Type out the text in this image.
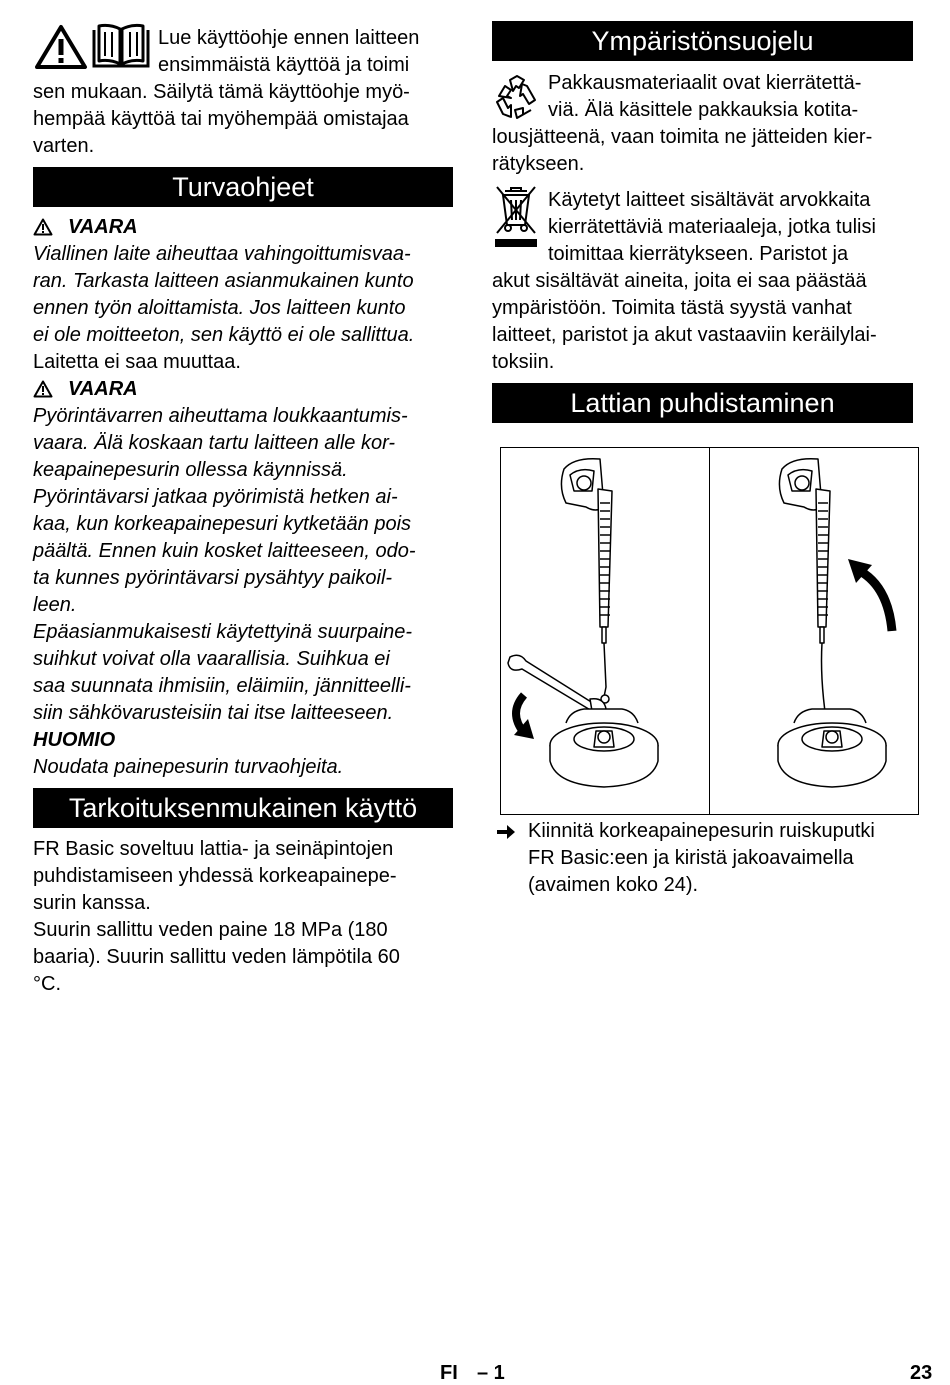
Lue käyttöohje ennen laitteen

ensimmäistä käyttöä ja toimi

sen mukaan. Säilytä tämä käyttöohje myö-

hempää käyttöä tai myöhempää omistajaa

varten.

Turvaohjeet

VAARA

Viallinen laite aiheuttaa vahingoittumisvaa-

ran. Tarkasta laitteen asianmukainen kunto

ennen työn aloittamista. Jos laitteen kunto

ei ole moitteeton, sen käyttö ei ole sallittua.

Laitetta ei saa muuttaa.

VAARA

Pyörintävarren aiheuttama loukkaantumis-

vaara. Älä koskaan tartu laitteen alle kor-

keapainepesurin ollessa käynnissä.

Pyörintävarsi jatkaa pyörimistä hetken ai-

kaa, kun korkeapainepesuri kytketään pois

päältä. Ennen kuin kosket laitteeseen, odo-

ta kunnes pyörintävarsi pysähtyy paikoil-

leen.

Epäasianmukaisesti käytettyinä suurpaine-

suihkut voivat olla vaarallisia. Suihkua ei

saa suunnata ihmisiin, eläimiin, jännitteelli-

siin sähkövarusteisiin tai itse laitteeseen.

HUOMIO

Noudata painepesurin turvaohjeita.

Tarkoituksenmukainen käyttö

FR Basic soveltuu lattia- ja seinäpintojen

puhdistamiseen yhdessä korkeapainepe-

surin kanssa.

Suurin sallittu veden paine 18 MPa (180

baaria). Suurin sallittu veden lämpötila 60

°C.

Ympäristönsuojelu

Pakkausmateriaalit ovat kierrätettä-

viä. Älä käsittele pakkauksia kotita-

lousjätteenä, vaan toimita ne jätteiden kier-

rätykseen.

Käytetyt laitteet sisältävät arvokkaita

kierrätettäviä materiaaleja, jotka tulisi

toimittaa kierrätykseen. Paristot ja

akut sisältävät aineita, joita ei saa päästää

ympäristöön. Toimita tästä syystä vanhat

laitteet, paristot ja akut vastaaviin keräilylai-

toksiin.

Lattian puhdistaminen

Kiinnitä korkeapainepesurin ruiskuputki

FR Basic:een ja kiristä jakoavaimella

(avaimen koko 24).

FI – 1	23
